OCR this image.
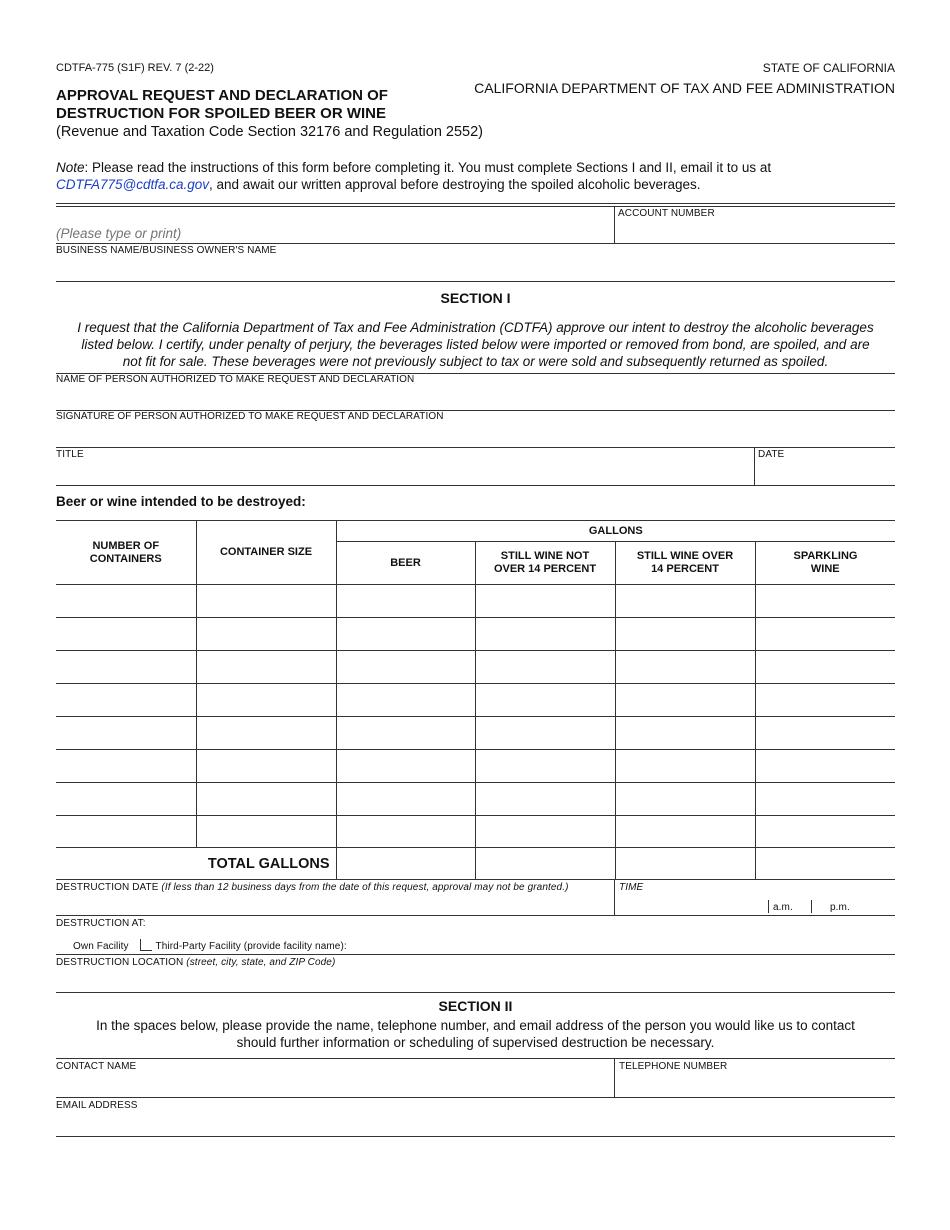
CDTFA-775 (S1F) REV. 7 (2-22)	STATE OF CALIFORNIA
CALIFORNIA DEPARTMENT OF TAX AND FEE ADMINISTRATION
APPROVAL REQUEST AND DECLARATION OF
DESTRUCTION FOR SPOILED BEER OR WINE
(Revenue and Taxation Code Section 32176 and Regulation 2552)
Note: Please read the instructions of this form before completing it. You must complete Sections I and II, email it to us at
CDTFA775@cdtfa.ca.gov, and await our written approval before destroying the spoiled alcoholic beverages.
ACCOUNT NUMBER
(Please type or print)
BUSINESS NAME/BUSINESS OWNER'S NAME
SECTION I
I request that the California Department of Tax and Fee Administration (CDTFA) approve our intent to destroy the alcoholic beverages
listed below. I certify, under penalty of perjury, the beverages listed below were imported or removed from bond, are spoiled, and are
not fit for sale. These beverages were not previously subject to tax or were sold and subsequently returned as spoiled.
NAME OF PERSON AUTHORIZED TO MAKE REQUEST AND DECLARATION
SIGNATURE OF PERSON AUTHORIZED TO MAKE REQUEST AND DECLARATION
TITLE	DATE
Beer or wine intended to be destroyed:
NUMBER OF CONTAINERS	CONTAINER SIZE	GALLONS			
		BEER	STILL WINE NOT OVER 14 PERCENT	STILL WINE OVER 14 PERCENT	SPARKLING WINE

TOTAL GALLONS				
DESTRUCTION DATE (If less than 12 business days from the date of this request, approval may not be granted.)	TIME
a.m.	p.m.
DESTRUCTION AT:
Own Facility	Third-Party Facility (provide facility name):
DESTRUCTION LOCATION (street, city, state, and ZIP Code)
SECTION II
In the spaces below, please provide the name, telephone number, and email address of the person you would like us to contact
should further information or scheduling of supervised destruction be necessary.
CONTACT NAME	TELEPHONE NUMBER
EMAIL ADDRESS
